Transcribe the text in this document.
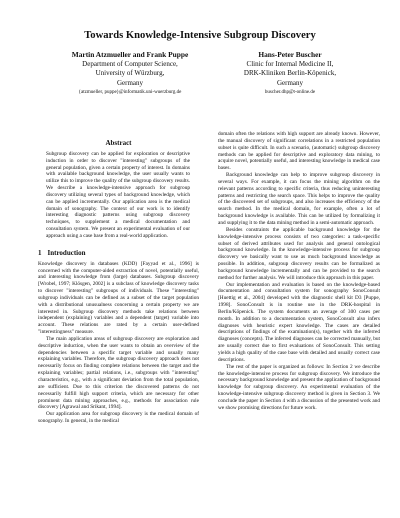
Towards Knowledge-Intensive Subgroup Discovery
Martin Atzmueller and Frank Puppe
Department of Computer Science,
University of Würzburg,
Germany
{atzmueller, puppe}@informatik.uni-wuerzburg.de
Hans-Peter Buscher
Clinic for Internal Medicine II,
DRK-Kliniken Berlin-Köpenick,
Germany
buscher.dhp@t-online.de
Abstract

Subgroup discovery can be applied for exploration or descriptive induction in order to discover "interesting" subgroups of the general population, given a certain property of interest. In domains with available background knowledge, the user usually wants to utilize this to improve the quality of the subgroup discovery results. We describe a knowledge-intensive approach for subgroup discovery utilizing several types of background knowledge, which can be applied incrementally. Our application area is the medical domain of sonography. The context of our work is to identify interesting diagnostic patterns using subgroup discovery techniques, to supplement a medical documentation and consultation system. We present an experimental evaluation of our approach using a case base from a real-world application.

1 Introduction

Knowledge discovery in databases (KDD) [Fayyad et al., 1996] is concerned with the computer-aided extraction of novel, potentially useful, and interesting knowledge from (large) databases. Subgroup discovery [Wrobel, 1997; Klösgen, 2002] is a subclass of knowledge discovery tasks to discover "interesting" subgroups of individuals. These "interesting" subgroup individuals can be defined as a subset of the target population with a distributional unusualness concerning a certain property we are interested in. Subgroup discovery methods take relations between independent (explaining) variables and a dependent (target) variable into account. These relations are rated by a certain user-defined "interestingness" measure.

The main application areas of subgroup discovery are exploration and descriptive induction, when the user wants to obtain an overview of the dependencies between a specific target variable and usually many explaining variables. Therefore, the subgroup discovery approach does not necessarily focus on finding complete relations between the target and the explaining variables; partial relations, i.e., subgroups with "interesting" characteristics, e.g., with a significant deviation from the total population, are sufficient. Due to this criterion the discovered patterns do not necessarily fulfill high support criteria, which are necessary for other prominent data mining approaches, e.g., methods for association rule discovery [Agrawal and Srikant, 1994].

Our application area for subgroup discovery is the medical domain of sonography. In general, in the medical

domain often the relations with high support are already known. However, the manual discovery of significant correlations in a restricted population subset is quite difficult. In such a scenario, (automatic) subgroup discovery methods can be applied for descriptive and exploratory data mining, to acquire novel, potentially useful, and interesting knowledge in medical case bases.

Background knowledge can help to improve subgroup discovery in several ways. For example, it can focus the mining algorithm on the relevant patterns according to specific criteria, thus reducing uninteresting patterns and restricting the search space. This helps to improve the quality of the discovered set of subgroups, and also increases the efficiency of the search method. In the medical domain, for example, often a lot of background knowledge is available. This can be utilized by formalizing it and supplying it to the data mining method in a semi-automatic approach.

Besides constraints the applicable background knowledge for the knowledge-intensive process consists of two categories: a task-specific subset of derived attributes used for analysis and general ontological background knowledge. In the knowledge-intensive process for subgroup discovery we basically want to use as much background knowledge as possible. In addition, subgroup discovery results can be formalized as background knowledge incrementally and can be provided to the search method for further analysis. We will introduce this approach in this paper.

Our implementation and evaluation is based on the knowledge-based documentation and consultation system for sonography SonoConsult [Huettig et al., 2004] developed with the diagnostic shell kit D3 [Puppe, 1998]. SonoConsult is in routine use in the DRK-hospital in Berlin/Köpenick. The system documents an average of 300 cases per month. In addition to a documentation system, SonoConsult also infers diagnoses with heuristic expert knowledge. The cases are detailed descriptions of findings of the examination(s), together with the inferred diagnoses (concepts). The inferred diagnoses can be corrected manually, but are usually correct due to first evaluations of SonoConsult. This setting yields a high quality of the case base with detailed and usually correct case descriptions.

The rest of the paper is organized as follows: In Section 2 we describe the knowledge-intensive process for subgroup discovery. We introduce the necessary background knowledge and present the application of background knowledge for subgroup discovery. An experimental evaluation of the knowledge-intensive subgroup discovery method is given in Section 3. We conclude the paper in Section 4 with a discussion of the presented work and we show promising directions for future work.
